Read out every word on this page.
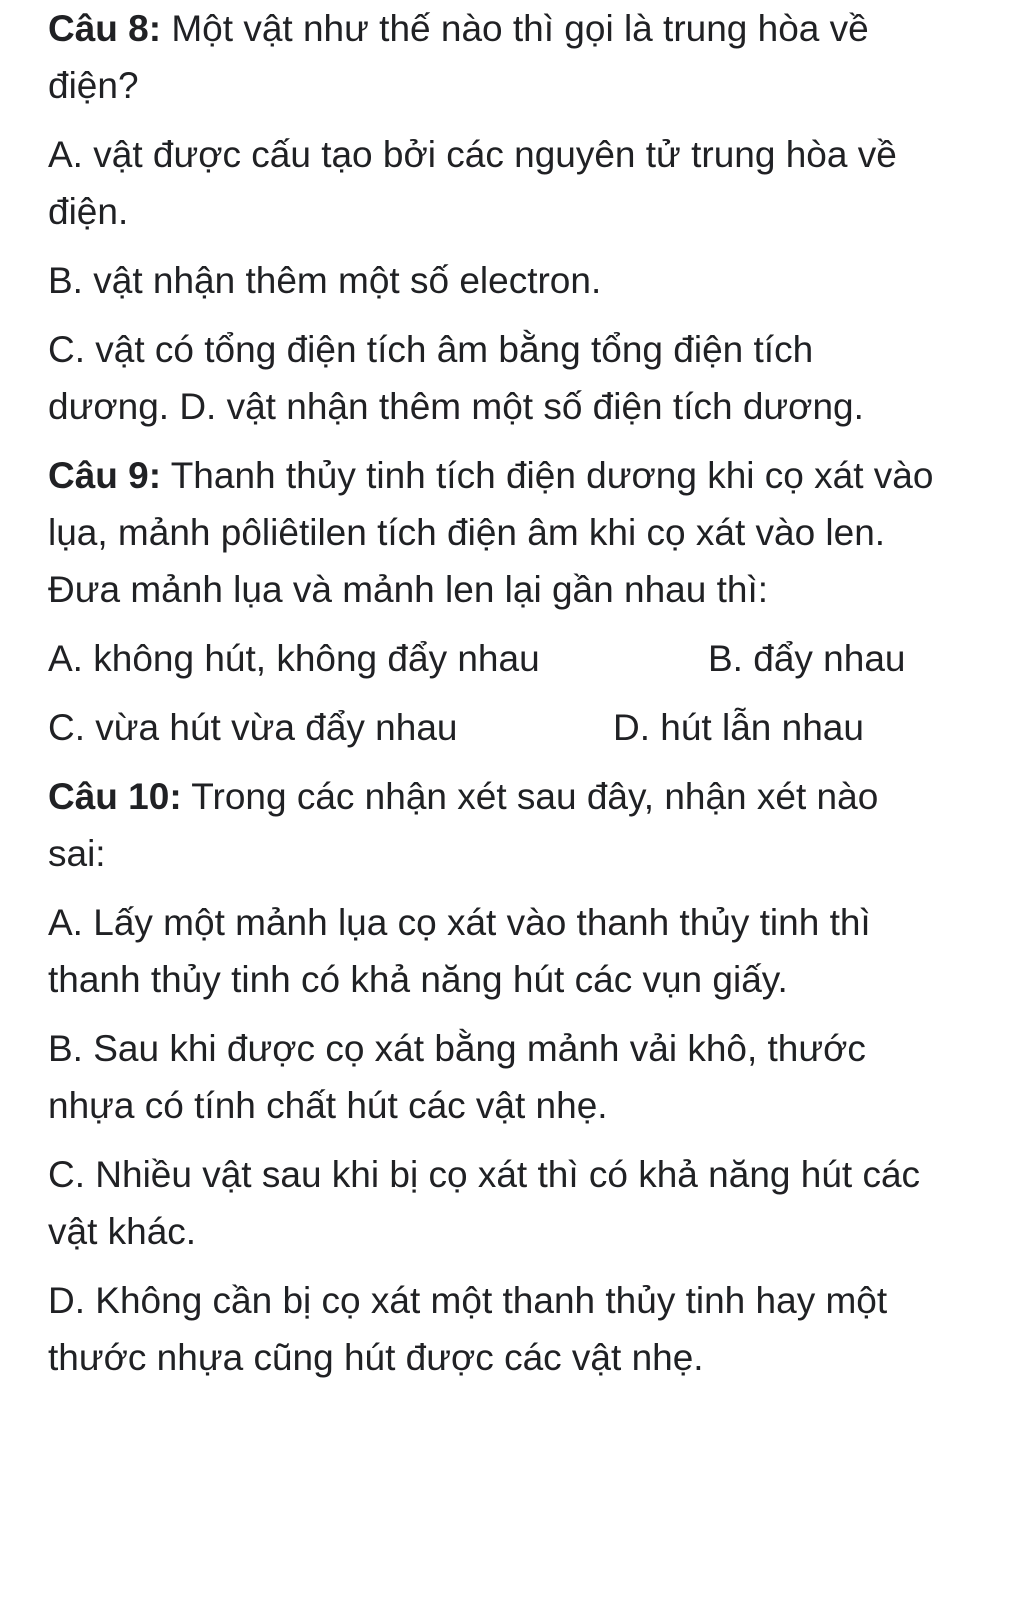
Câu 8: Một vật như thế nào thì gọi là trung hòa về điện?
A. vật được cấu tạo bởi các nguyên tử trung hòa về điện.
B. vật nhận thêm một số electron.
C. vật có tổng điện tích âm bằng tổng điện tích dương. D. vật nhận thêm một số điện tích dương.
Câu 9: Thanh thủy tinh tích điện dương khi cọ xát vào lụa, mảnh pôliêtilen tích điện âm khi cọ xát vào len. Đưa mảnh lụa và mảnh len lại gần nhau thì:
A. không hút, không đẩy nhau	B. đẩy nhau
C. vừa hút vừa đẩy nhau	D. hút lẫn nhau
Câu 10: Trong các nhận xét sau đây, nhận xét nào sai:
A. Lấy một mảnh lụa cọ xát vào thanh thủy tinh thì thanh thủy tinh có khả năng hút các vụn giấy.
B. Sau khi được cọ xát bằng mảnh vải khô, thước nhựa có tính chất hút các vật nhẹ.
C. Nhiều vật sau khi bị cọ xát thì có khả năng hút các vật khác.
D. Không cần bị cọ xát một thanh thủy tinh hay một thước nhựa cũng hút được các vật nhẹ.
